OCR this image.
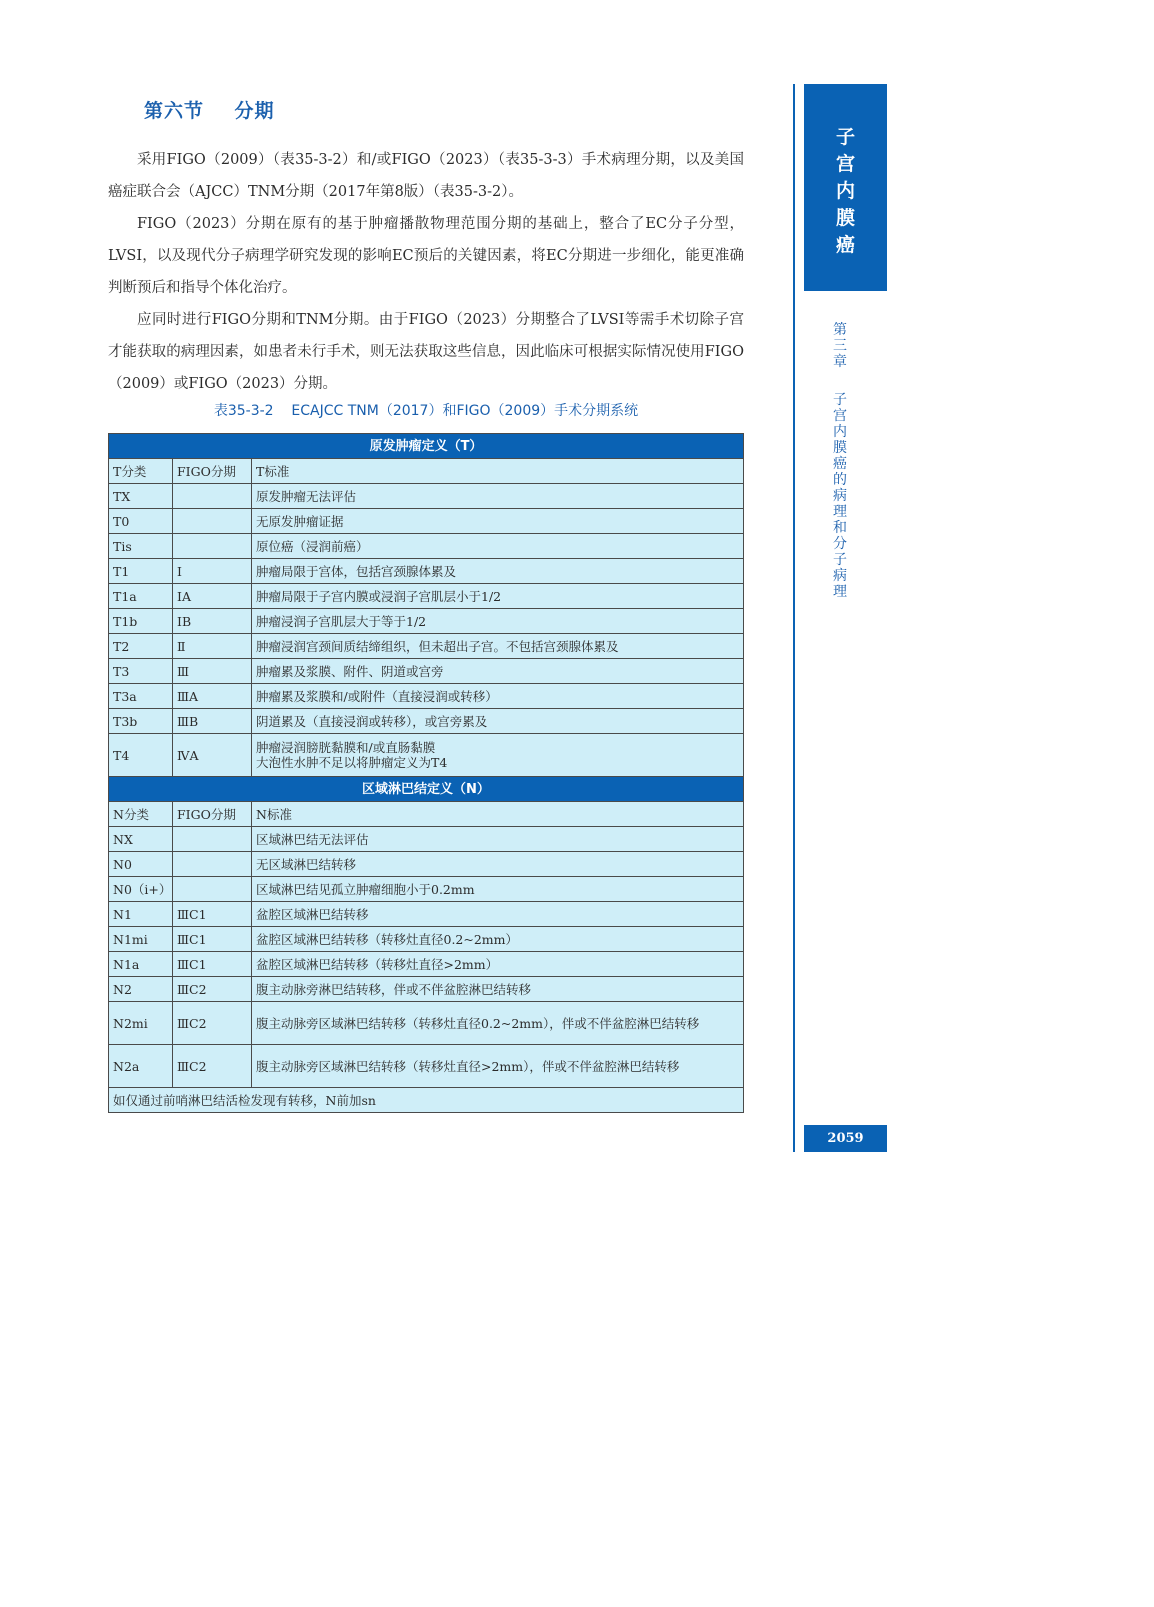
第六节    分期

采用FIGO（2009）（表35-3-2）和/或FIGO（2023）（表35-3-3）手术病理分期，以及美国癌症联合会（AJCC）TNM分期（2017年第8版）（表35-3-2）。

FIGO（2023）分期在原有的基于肿瘤播散物理范围分期的基础上，整合了EC分子分型，LVSI，以及现代分子病理学研究发现的影响EC预后的关键因素，将EC分期进一步细化，能更准确判断预后和指导个体化治疗。

应同时进行FIGO分期和TNM分期。由于FIGO（2023）分期整合了LVSI等需手术切除子宫才能获取的病理因素，如患者未行手术，则无法获取这些信息，因此临床可根据实际情况使用FIGO（2009）或FIGO（2023）分期。

表35-3-2    ECAJCC TNM（2017）和FIGO（2009）手术分期系统
原发肿瘤定义（T）		
T分类	FIGO分期	T标准
TX		原发肿瘤无法评估
T0		无原发肿瘤证据
Tis		原位癌（浸润前癌）
T1	Ⅰ	肿瘤局限于宫体，包括宫颈腺体累及
T1a	ⅠA	肿瘤局限于子宫内膜或浸润子宫肌层小于1/2
T1b	ⅠB	肿瘤浸润子宫肌层大于等于1/2
T2	Ⅱ	肿瘤浸润宫颈间质结缔组织，但未超出子宫。不包括宫颈腺体累及
T3	Ⅲ	肿瘤累及浆膜、附件、阴道或宫旁
T3a	ⅢA	肿瘤累及浆膜和/或附件（直接浸润或转移）
T3b	ⅢB	阴道累及（直接浸润或转移），或宫旁累及
T4	ⅣA	肿瘤浸润膀胱黏膜和/或直肠黏膜
大泡性水肿不足以将肿瘤定义为T4

区域淋巴结定义（N）		
N分类	FIGO分期	N标准
NX		区域淋巴结无法评估
N0		无区域淋巴结转移
N0（i+）		区域淋巴结见孤立肿瘤细胞小于0.2mm
N1	ⅢC1	盆腔区域淋巴结转移
N1mi	ⅢC1	盆腔区域淋巴结转移（转移灶直径0.2~2mm）
N1a	ⅢC1	盆腔区域淋巴结转移（转移灶直径>2mm）
N2	ⅢC2	腹主动脉旁淋巴结转移，伴或不伴盆腔淋巴结转移
N2mi	ⅢC2	腹主动脉旁区域淋巴结转移（转移灶直径0.2~2mm），伴或不伴盆腔淋巴结转移
N2a	ⅢC2	腹主动脉旁区域淋巴结转移（转移灶直径>2mm），伴或不伴盆腔淋巴结转移
如仅通过前哨淋巴结活检发现有转移，N前加sn		
子
宫
内
膜
癌
第
三
章
子
宫
内
膜
癌
的
病
理
和
分
子
病
理
2059
